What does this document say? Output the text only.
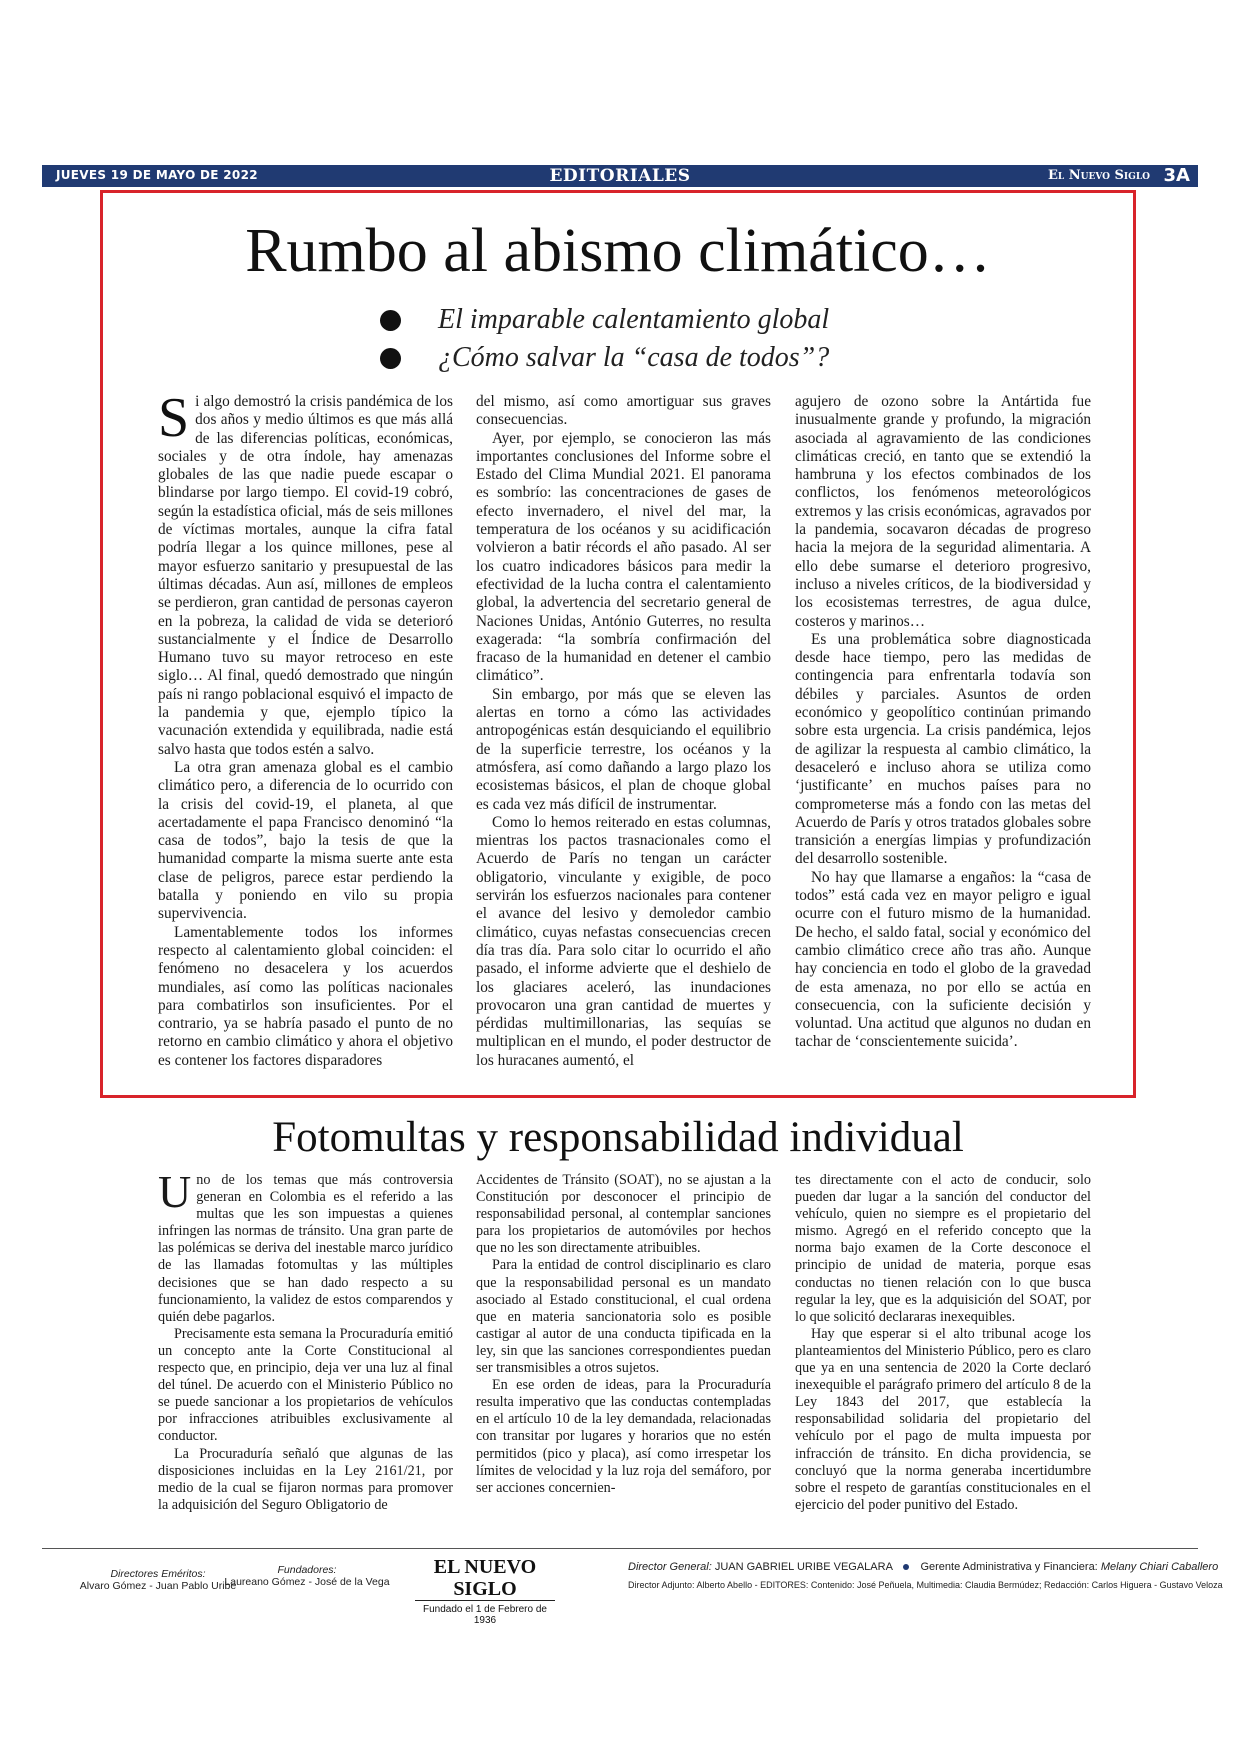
JUEVES 19 DE MAYO DE 2022	EDITORIALES	El Nuevo Siglo 3A
Rumbo al abismo climático…
El imparable calentamiento global
¿Cómo salvar la “casa de todos”?

Si algo demostró la crisis pandémica de los dos años y medio últimos es que más allá de las diferencias políticas, económicas, sociales y de otra índole, hay amenazas globales de las que nadie puede escapar o blindarse por largo tiempo. El covid-19 cobró, según la estadística oficial, más de seis millones de víctimas mortales, aunque la cifra fatal podría llegar a los quince millones, pese al mayor esfuerzo sanitario y presupuestal de las últimas décadas. Aun así, millones de empleos se perdieron, gran cantidad de personas cayeron en la pobreza, la calidad de vida se deterioró sustancialmente y el Índice de Desarrollo Humano tuvo su mayor retroceso en este siglo… Al final, quedó demostrado que ningún país ni rango poblacional esquivó el impacto de la pandemia y que, ejemplo típico la vacunación extendida y equilibrada, nadie está salvo hasta que todos estén a salvo.

La otra gran amenaza global es el cambio climático pero, a diferencia de lo ocurrido con la crisis del covid-19, el planeta, al que acertadamente el papa Francisco denominó “la casa de todos”, bajo la tesis de que la humanidad comparte la misma suerte ante esta clase de peligros, parece estar perdiendo la batalla y poniendo en vilo su propia supervivencia.

Lamentablemente todos los informes respecto al calentamiento global coinciden: el fenómeno no desacelera y los acuerdos mundiales, así como las políticas nacionales para combatirlos son insuficientes. Por el contrario, ya se habría pasado el punto de no retorno en cambio climático y ahora el objetivo es contener los factores disparadores

del mismo, así como amortiguar sus graves consecuencias.

Ayer, por ejemplo, se conocieron las más importantes conclusiones del Informe sobre el Estado del Clima Mundial 2021. El panorama es sombrío: las concentraciones de gases de efecto invernadero, el nivel del mar, la temperatura de los océanos y su acidificación volvieron a batir récords el año pasado. Al ser los cuatro indicadores básicos para medir la efectividad de la lucha contra el calentamiento global, la advertencia del secretario general de Naciones Unidas, António Guterres, no resulta exagerada: “la sombría confirmación del fracaso de la humanidad en detener el cambio climático”.

Sin embargo, por más que se eleven las alertas en torno a cómo las actividades antropogénicas están desquiciando el equilibrio de la superficie terrestre, los océanos y la atmósfera, así como dañando a largo plazo los ecosistemas básicos, el plan de choque global es cada vez más difícil de instrumentar.

Como lo hemos reiterado en estas columnas, mientras los pactos trasnacionales como el Acuerdo de París no tengan un carácter obligatorio, vinculante y exigible, de poco servirán los esfuerzos nacionales para contener el avance del lesivo y demoledor cambio climático, cuyas nefastas consecuencias crecen día tras día. Para solo citar lo ocurrido el año pasado, el informe advierte que el deshielo de los glaciares aceleró, las inundaciones provocaron una gran cantidad de muertes y pérdidas multimillonarias, las sequías se multiplican en el mundo, el poder destructor de los huracanes aumentó, el

agujero de ozono sobre la Antártida fue inusualmente grande y profundo, la migración asociada al agravamiento de las condiciones climáticas creció, en tanto que se extendió la hambruna y los efectos combinados de los conflictos, los fenómenos meteorológicos extremos y las crisis económicas, agravados por la pandemia, socavaron décadas de progreso hacia la mejora de la seguridad alimentaria. A ello debe sumarse el deterioro progresivo, incluso a niveles críticos, de la biodiversidad y los ecosistemas terrestres, de agua dulce, costeros y marinos…

Es una problemática sobre diagnosticada desde hace tiempo, pero las medidas de contingencia para enfrentarla todavía son débiles y parciales. Asuntos de orden económico y geopolítico continúan primando sobre esta urgencia. La crisis pandémica, lejos de agilizar la respuesta al cambio climático, la desaceleró e incluso ahora se utiliza como ‘justificante’ en muchos países para no comprometerse más a fondo con las metas del Acuerdo de París y otros tratados globales sobre transición a energías limpias y profundización del desarrollo sostenible.

No hay que llamarse a engaños: la “casa de todos” está cada vez en mayor peligro e igual ocurre con el futuro mismo de la humanidad. De hecho, el saldo fatal, social y económico del cambio climático crece año tras año. Aunque hay conciencia en todo el globo de la gravedad de esta amenaza, no por ello se actúa en consecuencia, con la suficiente decisión y voluntad. Una actitud que algunos no dudan en tachar de ‘conscientemente suicida’.

Fotomultas y responsabilidad individual

Uno de los temas que más controversia generan en Colombia es el referido a las multas que les son impuestas a quienes infringen las normas de tránsito. Una gran parte de las polémicas se deriva del inestable marco jurídico de las llamadas fotomultas y las múltiples decisiones que se han dado respecto a su funcionamiento, la validez de estos comparendos y quién debe pagarlos.

Precisamente esta semana la Procuraduría emitió un concepto ante la Corte Constitucional al respecto que, en principio, deja ver una luz al final del túnel. De acuerdo con el Ministerio Público no se puede sancionar a los propietarios de vehículos por infracciones atribuibles exclusivamente al conductor.

La Procuraduría señaló que algunas de las disposiciones incluidas en la Ley 2161/21, por medio de la cual se fijaron normas para promover la adquisición del Seguro Obligatorio de

Accidentes de Tránsito (SOAT), no se ajustan a la Constitución por desconocer el principio de responsabilidad personal, al contemplar sanciones para los propietarios de automóviles por hechos que no les son directamente atribuibles.

Para la entidad de control disciplinario es claro que la responsabilidad personal es un mandato asociado al Estado constitucional, el cual ordena que en materia sancionatoria solo es posible castigar al autor de una conducta tipificada en la ley, sin que las sanciones correspondientes puedan ser transmisibles a otros sujetos.

En ese orden de ideas, para la Procuraduría resulta imperativo que las conductas contempladas en el artículo 10 de la ley demandada, relacionadas con transitar por lugares y horarios que no estén permitidos (pico y placa), así como irrespetar los límites de velocidad y la luz roja del semáforo, por ser acciones concernien-

tes directamente con el acto de conducir, solo pueden dar lugar a la sanción del conductor del vehículo, quien no siempre es el propietario del mismo. Agregó en el referido concepto que la norma bajo examen de la Corte desconoce el principio de unidad de materia, porque esas conductas no tienen relación con lo que busca regular la ley, que es la adquisición del SOAT, por lo que solicitó declararas inexequibles.

Hay que esperar si el alto tribunal acoge los planteamientos del Ministerio Público, pero es claro que ya en una sentencia de 2020 la Corte declaró inexequible el parágrafo primero del artículo 8 de la Ley 1843 del 2017, que establecía la responsabilidad solidaria del propietario del vehículo por el pago de multa impuesta por infracción de tránsito. En dicha providencia, se concluyó que la norma generaba incertidumbre sobre el respeto de garantías constitucionales en el ejercicio del poder punitivo del Estado.

Directores Eméritos:
Alvaro Gómez - Juan Pablo Uribe
Fundadores:
Laureano Gómez - José de la Vega
EL NUEVO SIGLO
Fundado el 1 de Febrero de 1936
Director General: JUAN GABRIEL URIBE VEGALARA	Gerente Administrativa y Financiera: Melany Chiari Caballero
Director Adjunto: Alberto Abello - EDITORES: Contenido: José Peñuela, Multimedia: Claudia Bermúdez; Redacción: Carlos Higuera - Gustavo Veloza
